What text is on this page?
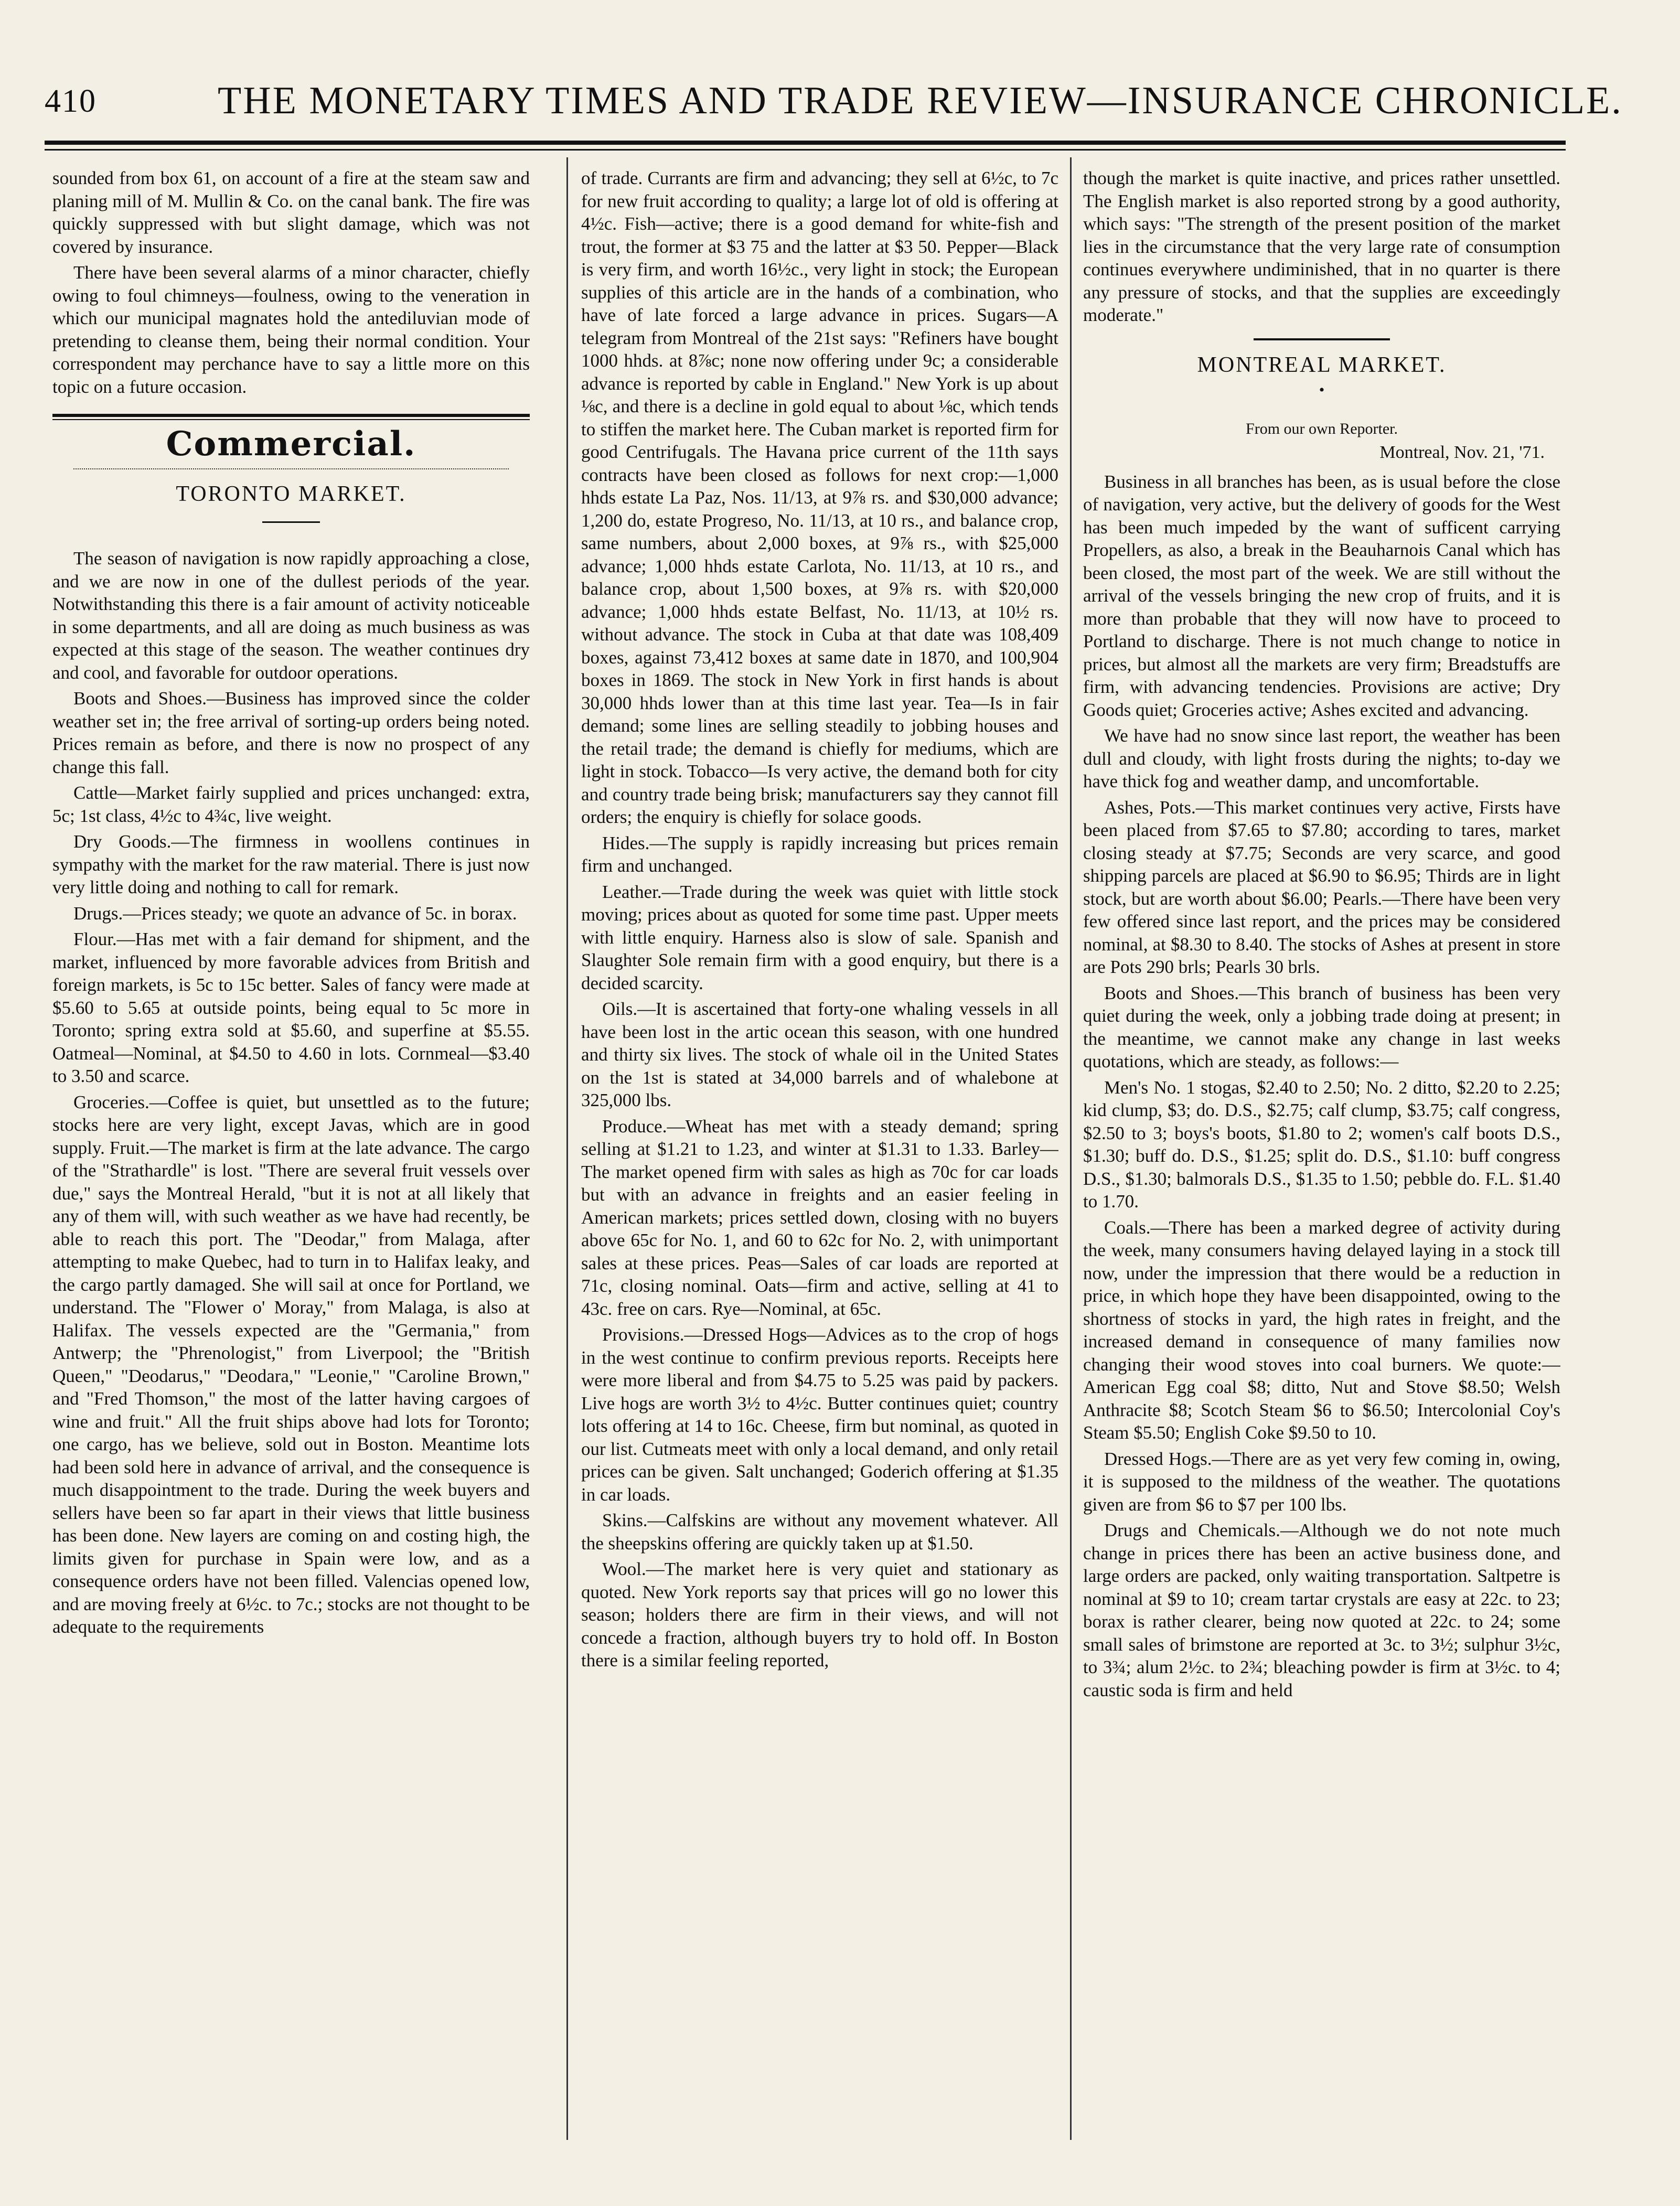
410	THE MONETARY TIMES AND TRADE REVIEW—INSURANCE CHRONICLE.

sounded from box 61, on account of a fire at the steam saw and planing mill of M. Mullin & Co. on the canal bank. The fire was quickly suppressed with but slight damage, which was not covered by insurance.

There have been several alarms of a minor character, chiefly owing to foul chimneys—foulness, owing to the veneration in which our municipal magnates hold the antediluvian mode of pretending to cleanse them, being their normal condition. Your correspondent may perchance have to say a little more on this topic on a future occasion.

Commercial.
TORONTO MARKET.

The season of navigation is now rapidly approaching a close, and we are now in one of the dullest periods of the year. Notwithstanding this there is a fair amount of activity noticeable in some departments, and all are doing as much business as was expected at this stage of the season. The weather continues dry and cool, and favorable for outdoor operations.

Boots and Shoes.—Business has improved since the colder weather set in; the free arrival of sorting-up orders being noted. Prices remain as before, and there is now no prospect of any change this fall.

Cattle—Market fairly supplied and prices unchanged: extra, 5c; 1st class, 4½c to 4¾c, live weight.

Dry Goods.—The firmness in woollens continues in sympathy with the market for the raw material. There is just now very little doing and nothing to call for remark.

Drugs.—Prices steady; we quote an advance of 5c. in borax.

Flour.—Has met with a fair demand for shipment, and the market, influenced by more favorable advices from British and foreign markets, is 5c to 15c better. Sales of fancy were made at $5.60 to 5.65 at outside points, being equal to 5c more in Toronto; spring extra sold at $5.60, and superfine at $5.55. Oatmeal—Nominal, at $4.50 to 4.60 in lots. Cornmeal—$3.40 to 3.50 and scarce.

Groceries.—Coffee is quiet, but unsettled as to the future; stocks here are very light, except Javas, which are in good supply. Fruit.—The market is firm at the late advance. The cargo of the "Strathardle" is lost. "There are several fruit vessels over due," says the Montreal Herald, "but it is not at all likely that any of them will, with such weather as we have had recently, be able to reach this port. The "Deodar," from Malaga, after attempting to make Quebec, had to turn in to Halifax leaky, and the cargo partly damaged. She will sail at once for Portland, we understand. The "Flower o' Moray," from Malaga, is also at Halifax. The vessels expected are the "Germania," from Antwerp; the "Phrenologist," from Liverpool; the "British Queen," "Deodarus," "Deodara," "Leonie," "Caroline Brown," and "Fred Thomson," the most of the latter having cargoes of wine and fruit." All the fruit ships above had lots for Toronto; one cargo, has we believe, sold out in Boston. Meantime lots had been sold here in advance of arrival, and the consequence is much disappointment to the trade. During the week buyers and sellers have been so far apart in their views that little business has been done. New layers are coming on and costing high, the limits given for purchase in Spain were low, and as a consequence orders have not been filled. Valencias opened low, and are moving freely at 6½c. to 7c.; stocks are not thought to be adequate to the requirements

of trade. Currants are firm and advancing; they sell at 6½c, to 7c for new fruit according to quality; a large lot of old is offering at 4½c. Fish—active; there is a good demand for white-fish and trout, the former at $3 75 and the latter at $3 50. Pepper—Black is very firm, and worth 16½c., very light in stock; the European supplies of this article are in the hands of a combination, who have of late forced a large advance in prices. Sugars—A telegram from Montreal of the 21st says: "Refiners have bought 1000 hhds. at 8⅞c; none now offering under 9c; a considerable advance is reported by cable in England." New York is up about ⅛c, and there is a decline in gold equal to about ⅛c, which tends to stiffen the market here. The Cuban market is reported firm for good Centrifugals. The Havana price current of the 11th says contracts have been closed as follows for next crop:—1,000 hhds estate La Paz, Nos. 11/13, at 9⅞ rs. and $30,000 advance; 1,200 do, estate Progreso, No. 11/13, at 10 rs., and balance crop, same numbers, about 2,000 boxes, at 9⅞ rs., with $25,000 advance; 1,000 hhds estate Carlota, No. 11/13, at 10 rs., and balance crop, about 1,500 boxes, at 9⅞ rs. with $20,000 advance; 1,000 hhds estate Belfast, No. 11/13, at 10½ rs. without advance. The stock in Cuba at that date was 108,409 boxes, against 73,412 boxes at same date in 1870, and 100,904 boxes in 1869. The stock in New York in first hands is about 30,000 hhds lower than at this time last year. Tea—Is in fair demand; some lines are selling steadily to jobbing houses and the retail trade; the demand is chiefly for mediums, which are light in stock. Tobacco—Is very active, the demand both for city and country trade being brisk; manufacturers say they cannot fill orders; the enquiry is chiefly for solace goods.

Hides.—The supply is rapidly increasing but prices remain firm and unchanged.

Leather.—Trade during the week was quiet with little stock moving; prices about as quoted for some time past. Upper meets with little enquiry. Harness also is slow of sale. Spanish and Slaughter Sole remain firm with a good enquiry, but there is a decided scarcity.

Oils.—It is ascertained that forty-one whaling vessels in all have been lost in the artic ocean this season, with one hundred and thirty six lives. The stock of whale oil in the United States on the 1st is stated at 34,000 barrels and of whalebone at 325,000 lbs.

Produce.—Wheat has met with a steady demand; spring selling at $1.21 to 1.23, and winter at $1.31 to 1.33. Barley—The market opened firm with sales as high as 70c for car loads but with an advance in freights and an easier feeling in American markets; prices settled down, closing with no buyers above 65c for No. 1, and 60 to 62c for No. 2, with unimportant sales at these prices. Peas—Sales of car loads are reported at 71c, closing nominal. Oats—firm and active, selling at 41 to 43c. free on cars. Rye—Nominal, at 65c.

Provisions.—Dressed Hogs—Advices as to the crop of hogs in the west continue to confirm previous reports. Receipts here were more liberal and from $4.75 to 5.25 was paid by packers. Live hogs are worth 3½ to 4½c. Butter continues quiet; country lots offering at 14 to 16c. Cheese, firm but nominal, as quoted in our list. Cutmeats meet with only a local demand, and only retail prices can be given. Salt unchanged; Goderich offering at $1.35 in car loads.

Skins.—Calfskins are without any movement whatever. All the sheepskins offering are quickly taken up at $1.50.

Wool.—The market here is very quiet and stationary as quoted. New York reports say that prices will go no lower this season; holders there are firm in their views, and will not concede a fraction, although buyers try to hold off. In Boston there is a similar feeling reported,

though the market is quite inactive, and prices rather unsettled. The English market is also reported strong by a good authority, which says: "The strength of the present position of the market lies in the circumstance that the very large rate of consumption continues everywhere undiminished, that in no quarter is there any pressure of stocks, and that the supplies are exceedingly moderate."

MONTREAL MARKET.
•
From our own Reporter.
Montreal, Nov. 21, '71.

Business in all branches has been, as is usual before the close of navigation, very active, but the delivery of goods for the West has been much impeded by the want of sufficent carrying Propellers, as also, a break in the Beauharnois Canal which has been closed, the most part of the week. We are still without the arrival of the vessels bringing the new crop of fruits, and it is more than probable that they will now have to proceed to Portland to discharge. There is not much change to notice in prices, but almost all the markets are very firm; Breadstuffs are firm, with advancing tendencies. Provisions are active; Dry Goods quiet; Groceries active; Ashes excited and advancing.

We have had no snow since last report, the weather has been dull and cloudy, with light frosts during the nights; to-day we have thick fog and weather damp, and uncomfortable.

Ashes, Pots.—This market continues very active, Firsts have been placed from $7.65 to $7.80; according to tares, market closing steady at $7.75; Seconds are very scarce, and good shipping parcels are placed at $6.90 to $6.95; Thirds are in light stock, but are worth about $6.00; Pearls.—There have been very few offered since last report, and the prices may be considered nominal, at $8.30 to 8.40. The stocks of Ashes at present in store are Pots 290 brls; Pearls 30 brls.

Boots and Shoes.—This branch of business has been very quiet during the week, only a jobbing trade doing at present; in the meantime, we cannot make any change in last weeks quotations, which are steady, as follows:—

Men's No. 1 stogas, $2.40 to 2.50; No. 2 ditto, $2.20 to 2.25; kid clump, $3; do. D.S., $2.75; calf clump, $3.75; calf congress, $2.50 to 3; boys's boots, $1.80 to 2; women's calf boots D.S., $1.30; buff do. D.S., $1.25; split do. D.S., $1.10: buff congress D.S., $1.30; balmorals D.S., $1.35 to 1.50; pebble do. F.L. $1.40 to 1.70.

Coals.—There has been a marked degree of activity during the week, many consumers having delayed laying in a stock till now, under the impression that there would be a reduction in price, in which hope they have been disappointed, owing to the shortness of stocks in yard, the high rates in freight, and the increased demand in consequence of many families now changing their wood stoves into coal burners. We quote:—American Egg coal $8; ditto, Nut and Stove $8.50; Welsh Anthracite $8; Scotch Steam $6 to $6.50; Intercolonial Coy's Steam $5.50; English Coke $9.50 to 10.

Dressed Hogs.—There are as yet very few coming in, owing, it is supposed to the mildness of the weather. The quotations given are from $6 to $7 per 100 lbs.

Drugs and Chemicals.—Although we do not note much change in prices there has been an active business done, and large orders are packed, only waiting transportation. Saltpetre is nominal at $9 to 10; cream tartar crystals are easy at 22c. to 23; borax is rather clearer, being now quoted at 22c. to 24; some small sales of brimstone are reported at 3c. to 3½; sulphur 3½c, to 3¾; alum 2½c. to 2¾; bleaching powder is firm at 3½c. to 4; caustic soda is firm and held
